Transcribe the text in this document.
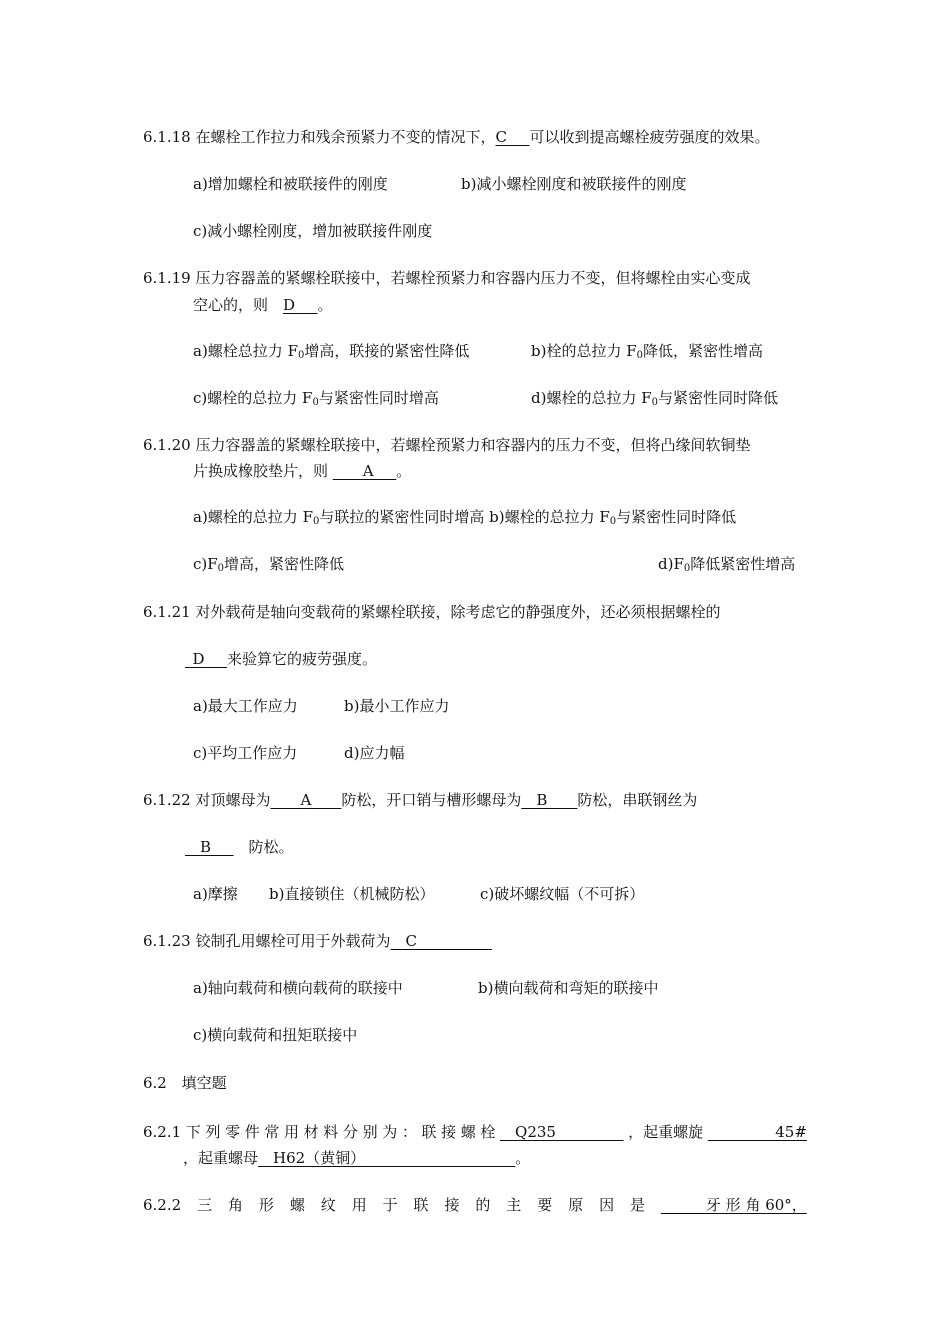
6.1.18 在螺栓工作拉力和残余预紧力不变的情况下，C___可以收到提高螺栓疲劳强度的效果。
a)增加螺栓和被联接件的刚度	b)减小螺栓刚度和被联接件的刚度
c)减小螺栓刚度，增加被联接件刚度
6.1.19 压力容器盖的紧螺栓联接中，若螺栓预紧力和容器内压力不变，但将螺栓由实心变成
空心的，则　D___。
a)螺栓总拉力 $F_0$增高，联接的紧密性降低	b)栓的总拉力 $F_0$降低，紧密性增高
c)螺栓的总拉力 $F_0$与紧密性同时增高	d)螺栓的总拉力 $F_0$与紧密性同时降低
6.1.20 压力容器盖的紧螺栓联接中，若螺栓预紧力和容器内的压力不变，但将凸缘间软铜垫
片换成橡胶垫片，则 ____A___。
a)螺栓的总拉力 $F_0$与联拉的紧密性同时增高 b)螺栓的总拉力 $F_0$与紧密性同时降低
$c)F_0$增高，紧密性降低	$d)F_0$降低紧密性增高
6.1.21 对外载荷是轴向变载荷的紧螺栓联接，除考虑它的静强度外，还必须根据螺栓的
_D___来验算它的疲劳强度。
a)最大工作应力	b)最小工作应力
c)平均工作应力	d)应力幅
6.1.22 对顶螺母为____A____防松，开口销与槽形螺母为__B____防松，串联钢丝为
__B___　防松。
a)摩擦 b)直接锁住（机械防松）	c)破坏螺纹幅（不可拆）
6.1.23 铰制孔用螺栓可用于外载荷为__C__________
a)轴向载荷和横向载荷的联接中	b)横向载荷和弯矩的联接中
c)横向载荷和扭矩联接中
6.2 填空题
6.2.1 下 列 零 件 常 用 材 料 分 别 为 ： 联 接 螺 栓 __Q235_________ ，起重螺旋 _________45#
，起重螺母__H62（黄铜）____________________。
6.2.2 三 角 形 螺 纹 用 于 联 接 的 主 要 原 因 是 ______牙 形 角 60°，
